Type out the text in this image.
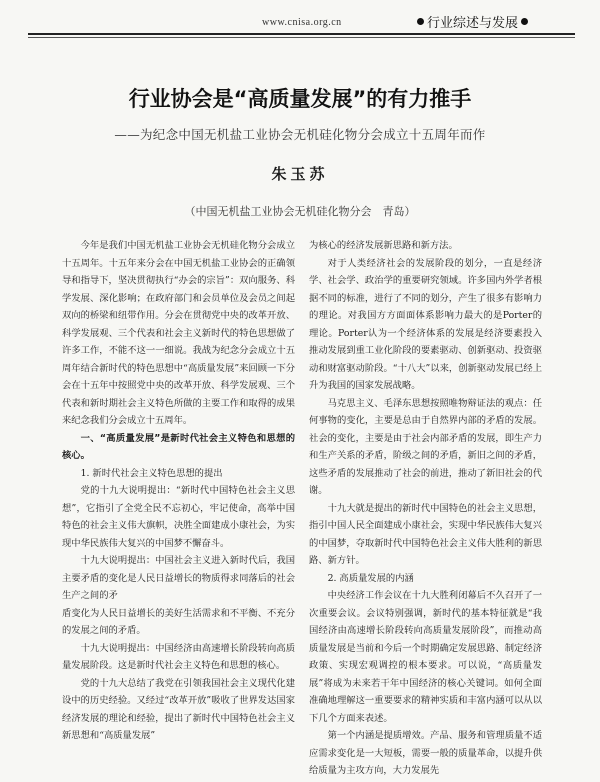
www.cnisa.org.cn	行业综述与发展
行业协会是“高质量发展”的有力推手
——为纪念中国无机盐工业协会无机硅化物分会成立十五周年而作
朱玉苏
（中国无机盐工业协会无机硅化物分会　青岛）

今年是我们中国无机盐工业协会无机硅化物分会成立十五周年。十五年来分会在中国无机盐工业协会的正确领导和指导下，坚决贯彻执行“办会的宗旨”：双向服务、科学发展、深化影响；在政府部门和会员单位及会员之间起双向的桥梁和纽带作用。分会在贯彻党中央的改革开放、科学发展观、三个代表和社会主义新时代的特色思想做了许多工作，不能不这一一细说。我战为纪念分会成立十五周年结合新时代的特色思想中“高质量发展”来回顾一下分会在十五年中按照党中央的改革开放、科学发展观、三个代表和新时期社会主义特色所做的主要工作和取得的成果来纪念我们分会成立十五周年。

一、“高质量发展”是新时代社会主义特色和思想的核心。

1. 新时代社会主义特色思想的提出

党的十九大说明提出：“新时代中国特色社会主义思想”，它指引了全党全民不忘初心，牢记使命，高举中国特色的社会主义伟大旗帜，决胜全面建成小康社会，为实现中华民族伟大复兴的中国梦不懈奋斗。

十九大说明提出：中国社会主义进入新时代后，我国主要矛盾的变化是人民日益增长的物质得求同落后的社会生产之间的矛

盾变化为人民日益增长的美好生活需求和不平衡、不充分的发展之间的矛盾。

十九大说明提出：中国经济由高速增长阶段转向高质量发展阶段。这是新时代社会主义特色和思想的核心。

党的十九大总结了我党在引领我国社会主义现代化建设中的历史经验。又经过“改革开放”吸收了世界发达国家经济发展的理论和经验，提出了新时代中国特色社会主义新思想和“高质量发展”

为核心的经济发展新思路和新方法。

对于人类经济社会的发展阶段的划分，一直是经济学、社会学、政治学的重要研究领域。许多国内外学者根据不同的标准，进行了不同的划分，产生了很多有影响力的理论。对我国方方面面体系影响力最大的是Porter的理论。Porter认为一个经济体系的发展是经济要素投入推动发展到重工业化阶段的要素驱动、创新驱动、投资驱动和财富驱动阶段。“十八大”以来，创新驱动发展已经上升为我国的国家发展战略。

马克思主义、毛泽东思想按照唯物辩证法的观点：任何事物的变化，主要是总由于自然界内部的矛盾的发展。社会的变化，主要是由于社会内部矛盾的发展，即生产力和生产关系的矛盾，阶级之间的矛盾，新旧之间的矛盾，这些矛盾的发展推动了社会的前进，推动了新旧社会的代谢。

十九大就是提出的新时代中国特色的社会主义思想，指引中国人民全面建成小康社会，实现中华民族伟大复兴的中国梦，夺取新时代中国特色社会主义伟大胜利的新思路、新方针。

2. 高质量发展的内涵

中央经济工作会议在十九大胜利闭幕后不久召开了一次重要会议。会议特别强调，新时代的基本特征就是“我国经济由高速增长阶段转向高质量发展阶段”，而推动高质量发展是当前和今后一个时期确定发展思路、制定经济政策、实现宏观调控的根本要求。可以说，“高质量发展”将成为未来若干年中国经济的核心关键词。如何全面准确地理解这一重要要求的精神实质和丰富内涵可以从以下几个方面来表述。

第一个内涵是提质增效。产品、服务和管理质量不适应需求变化是一大短板，需要一般的质量革命，以提升供给质量为主攻方向，大力发展先
